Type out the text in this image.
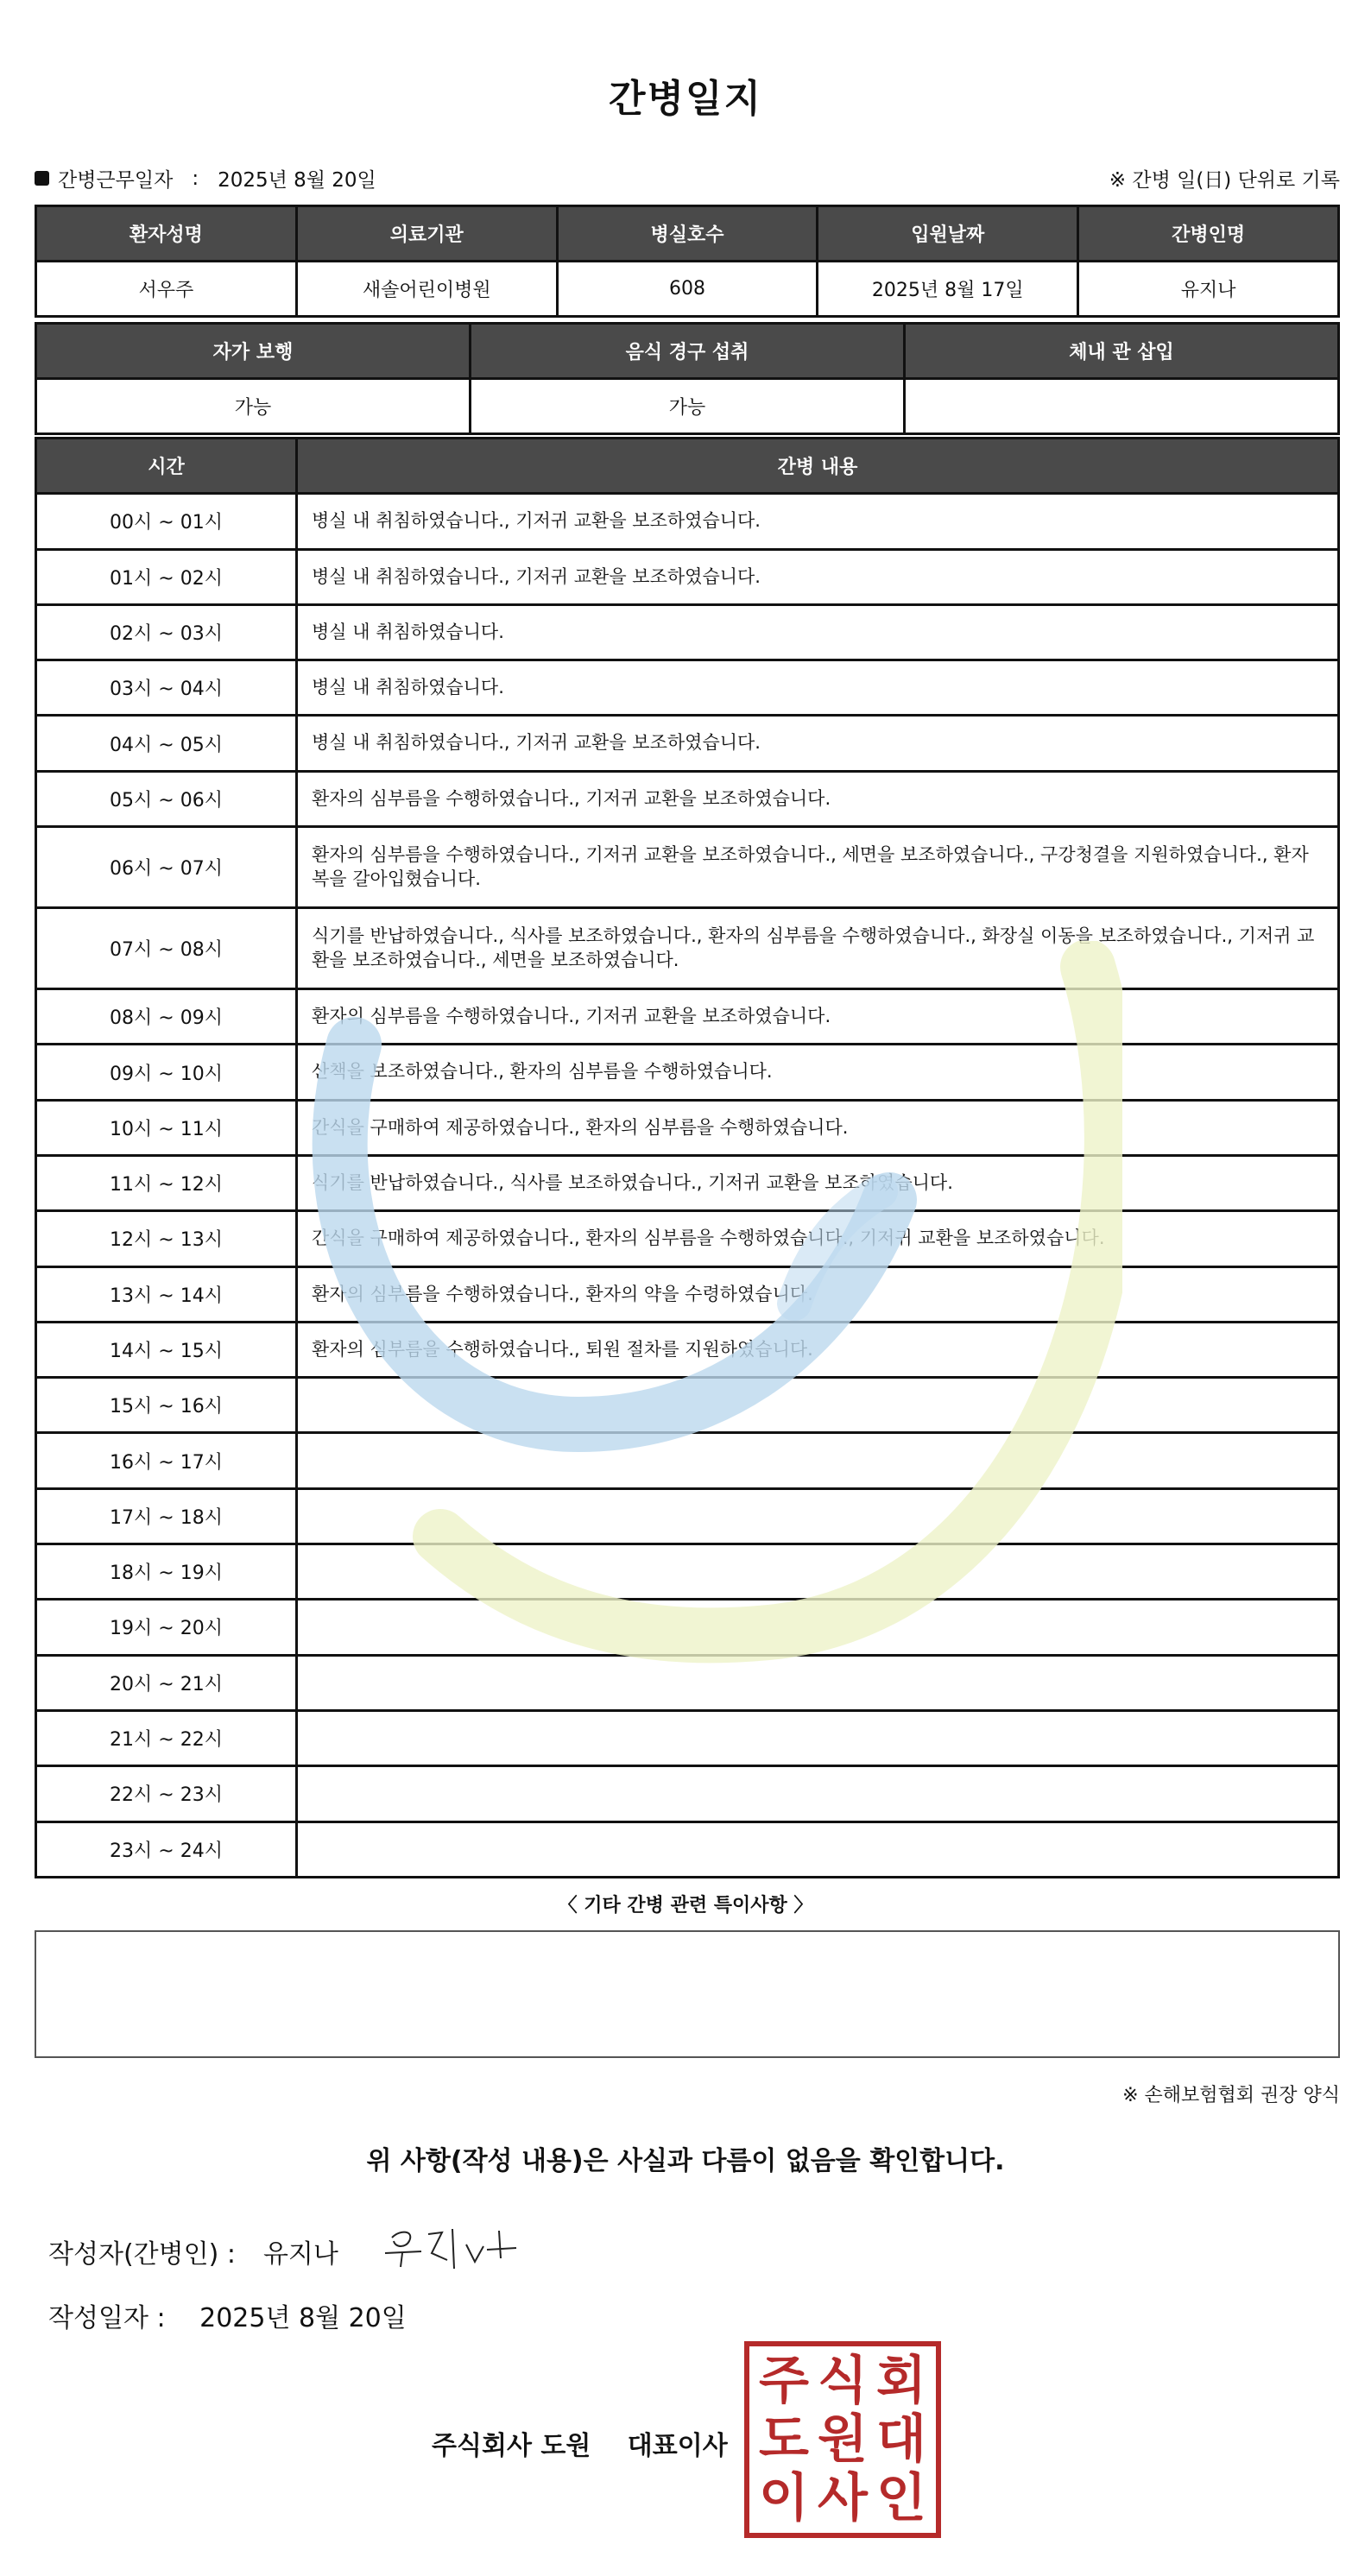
간병일지
간병근무일자 : 2025년 8월 20일	※ 간병 일(日) 단위로 기록
환자성명	의료기관	병실호수	입원날짜	간병인명
서우주	새솔어린이병원	608	2025년 8월 17일	유지나
자가 보행	음식 경구 섭취	체내 관 삽입
가능	가능	
시간	간병 내용
00시 ~ 01시	병실 내 취침하였습니다., 기저귀 교환을 보조하였습니다.
01시 ~ 02시	병실 내 취침하였습니다., 기저귀 교환을 보조하였습니다.
02시 ~ 03시	병실 내 취침하였습니다.
03시 ~ 04시	병실 내 취침하였습니다.
04시 ~ 05시	병실 내 취침하였습니다., 기저귀 교환을 보조하였습니다.
05시 ~ 06시	환자의 심부름을 수행하였습니다., 기저귀 교환을 보조하였습니다.
06시 ~ 07시	환자의 심부름을 수행하였습니다., 기저귀 교환을 보조하였습니다., 세면을 보조하였습니다., 구강청결을 지원하였습니다., 환자복을 갈아입혔습니다.
07시 ~ 08시	식기를 반납하였습니다., 식사를 보조하였습니다., 환자의 심부름을 수행하였습니다., 화장실 이동을 보조하였습니다., 기저귀 교환을 보조하였습니다., 세면을 보조하였습니다.
08시 ~ 09시	환자의 심부름을 수행하였습니다., 기저귀 교환을 보조하였습니다.
09시 ~ 10시	산책을 보조하였습니다., 환자의 심부름을 수행하였습니다.
10시 ~ 11시	간식을 구매하여 제공하였습니다., 환자의 심부름을 수행하였습니다.
11시 ~ 12시	식기를 반납하였습니다., 식사를 보조하였습니다., 기저귀 교환을 보조하였습니다.
12시 ~ 13시	간식을 구매하여 제공하였습니다., 환자의 심부름을 수행하였습니다., 기저귀 교환을 보조하였습니다.
13시 ~ 14시	환자의 심부름을 수행하였습니다., 환자의 약을 수령하였습니다.
14시 ~ 15시	환자의 심부름을 수행하였습니다., 퇴원 절차를 지원하였습니다.
15시 ~ 16시	
16시 ~ 17시	
17시 ~ 18시	
18시 ~ 19시	
19시 ~ 20시	
20시 ~ 21시	
21시 ~ 22시	
22시 ~ 23시	
23시 ~ 24시	
〈 기타 간병 관련 특이사항 〉
※ 손해보험협회 권장 양식
위 사항(작성 내용)은 사실과 다름이 없음을 확인합니다.
작성자(간병인) : 유지나
작성일자 : 2025년 8월 20일
주식회사 도원 대표이사
주 식 회
도 원 대
이 사 인
